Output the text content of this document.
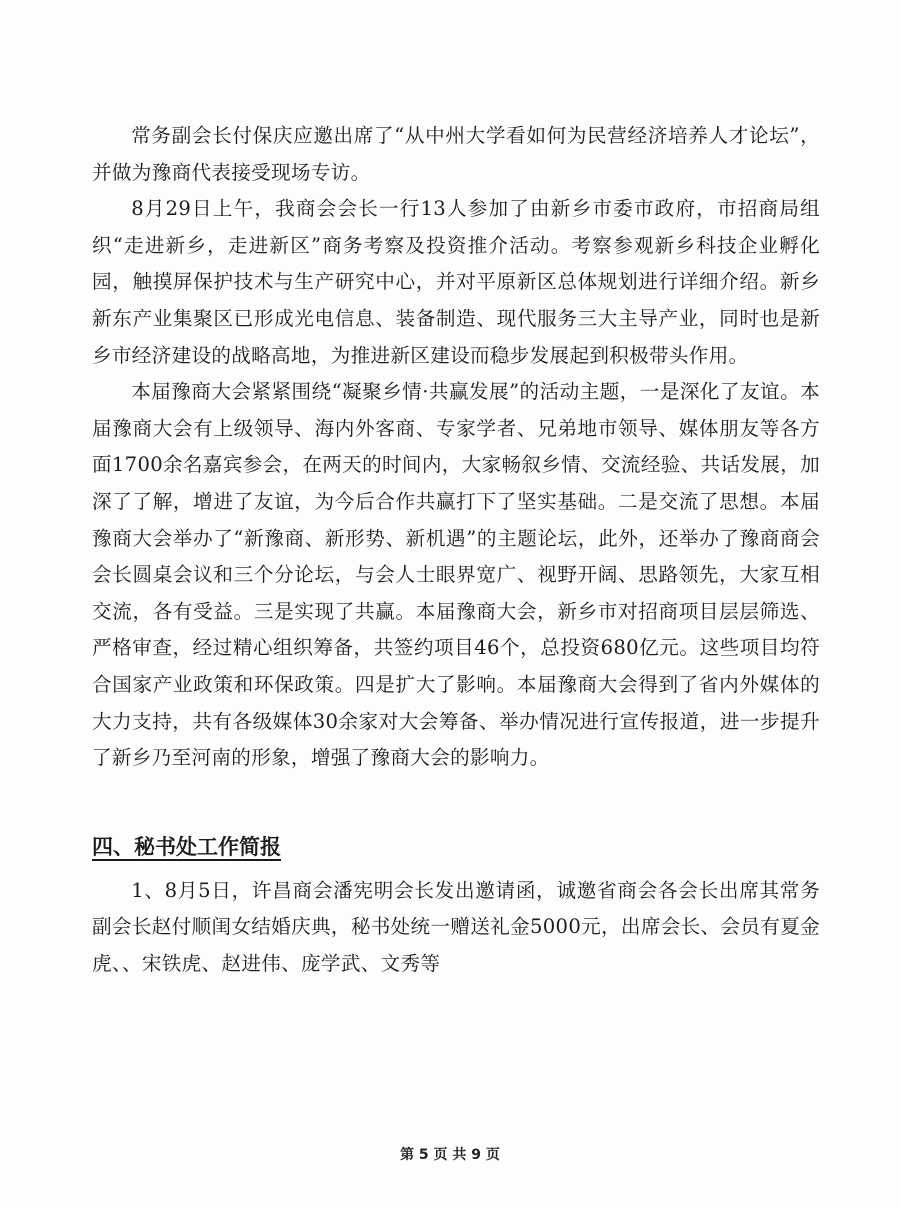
常务副会长付保庆应邀出席了“从中州大学看如何为民营经济培养人才论坛”，并做为豫商代表接受现场专访。

8月29日上午，我商会会长一行13人参加了由新乡市委市政府，市招商局组织“走进新乡，走进新区”商务考察及投资推介活动。考察参观新乡科技企业孵化园，触摸屏保护技术与生产研究中心，并对平原新区总体规划进行详细介绍。新乡新东产业集聚区已形成光电信息、装备制造、现代服务三大主导产业，同时也是新乡市经济建设的战略高地，为推进新区建设而稳步发展起到积极带头作用。

本届豫商大会紧紧围绕“凝聚乡情·共赢发展”的活动主题，一是深化了友谊。本届豫商大会有上级领导、海内外客商、专家学者、兄弟地市领导、媒体朋友等各方面1700余名嘉宾参会，在两天的时间内，大家畅叙乡情、交流经验、共话发展，加深了了解，增进了友谊，为今后合作共赢打下了坚实基础。二是交流了思想。本届豫商大会举办了“新豫商、新形势、新机遇”的主题论坛，此外，还举办了豫商商会会长圆桌会议和三个分论坛，与会人士眼界宽广、视野开阔、思路领先，大家互相交流，各有受益。三是实现了共赢。本届豫商大会，新乡市对招商项目层层筛选、严格审查，经过精心组织筹备，共签约项目46个，总投资680亿元。这些项目均符合国家产业政策和环保政策。四是扩大了影响。本届豫商大会得到了省内外媒体的大力支持，共有各级媒体30余家对大会筹备、举办情况进行宣传报道，进一步提升了新乡乃至河南的形象，增强了豫商大会的影响力。

四、秘书处工作简报

1、8月5日，许昌商会潘宪明会长发出邀请函，诚邀省商会各会长出席其常务副会长赵付顺闺女结婚庆典，秘书处统一赠送礼金5000元，出席会长、会员有夏金虎、、宋铁虎、赵进伟、庞学武、文秀等

第 5 页 共 9 页
